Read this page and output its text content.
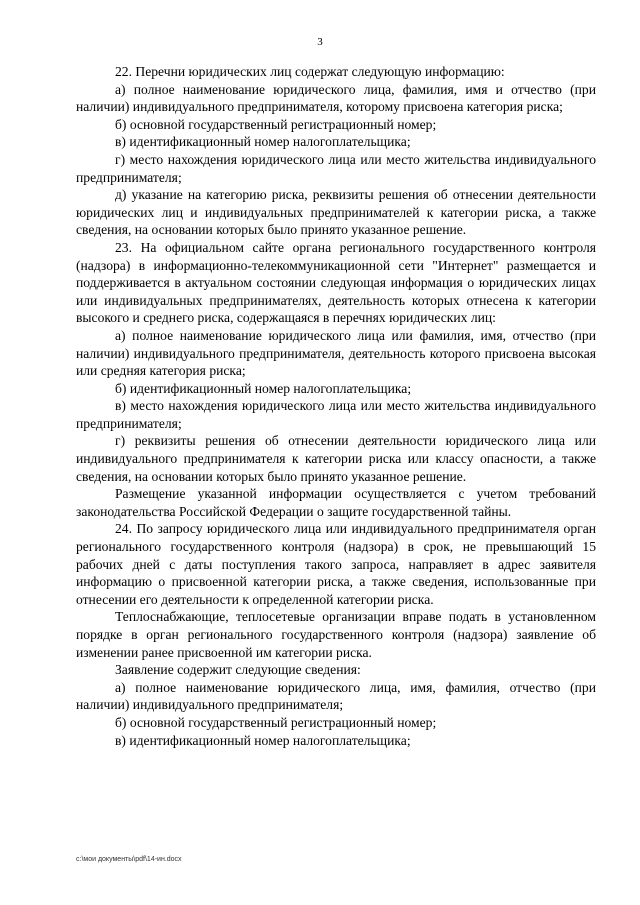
3

22. Перечни юридических лиц содержат следующую информацию:

а) полное наименование юридического лица, фамилия, имя и отчество (при наличии) индивидуального предпринимателя, которому присвоена категория риска;

б) основной государственный регистрационный номер;

в) идентификационный номер налогоплательщика;

г) место нахождения юридического лица или место жительства индивидуального предпринимателя;

д) указание на категорию риска, реквизиты решения об отнесении деятельности юридических лиц и индивидуальных предпринимателей к категории риска, а также сведения, на основании которых было принято указанное решение.

23. На официальном сайте органа регионального государственного контроля (надзора) в информационно-телекоммуникационной сети "Интернет" размещается и поддерживается в актуальном состоянии следующая информация о юридических лицах или индивидуальных предпринимателях, деятельность которых отнесена к категории высокого и среднего риска, содержащаяся в перечнях юридических лиц:

а) полное наименование юридического лица или фамилия, имя, отчество (при наличии) индивидуального предпринимателя, деятельность которого присвоена высокая или средняя категория риска;

б) идентификационный номер налогоплательщика;

в) место нахождения юридического лица или место жительства индивидуального предпринимателя;

г) реквизиты решения об отнесении деятельности юридического лица или индивидуального предпринимателя к категории риска или классу опасности, а также сведения, на основании которых было принято указанное решение.

Размещение указанной информации осуществляется с учетом требований законодательства Российской Федерации о защите государственной тайны.

24. По запросу юридического лица или индивидуального предпринимателя орган регионального государственного контроля (надзора) в срок, не превышающий 15 рабочих дней с даты поступления такого запроса, направляет в адрес заявителя информацию о присвоенной категории риска, а также сведения, использованные при отнесении его деятельности к определенной категории риска.

Теплоснабжающие, теплосетевые организации вправе подать в установленном порядке в орган регионального государственного контроля (надзора) заявление об изменении ранее присвоенной им категории риска.

Заявление содержит следующие сведения:

а) полное наименование юридического лица, имя, фамилия, отчество (при наличии) индивидуального предпринимателя;

б) основной государственный регистрационный номер;

в) идентификационный номер налогоплательщика;

c:\мои документы\pdf\14-ин.docx
